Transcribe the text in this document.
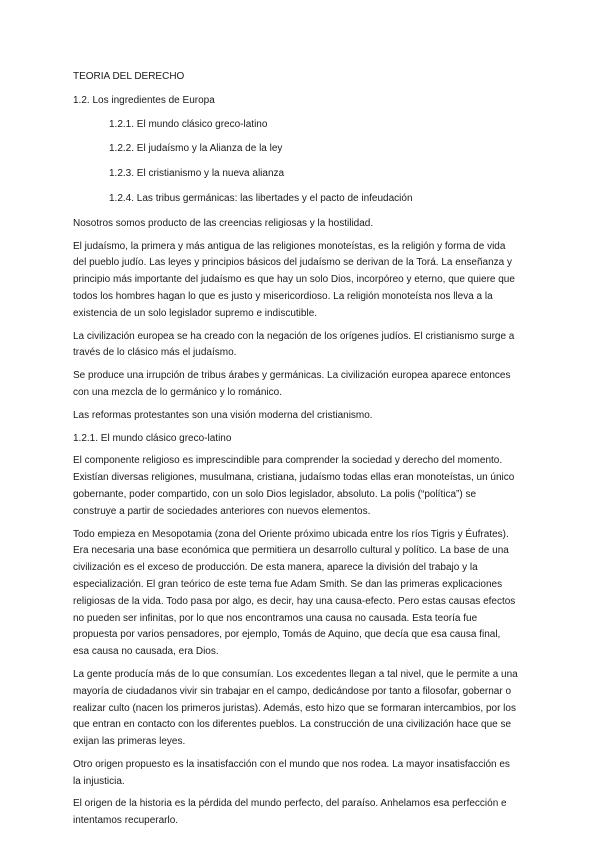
TEORIA DEL DERECHO
1.2. Los ingredientes de Europa
1.2.1. El mundo clásico greco-latino
1.2.2. El judaísmo y la Alianza de la ley
1.2.3. El cristianismo y la nueva alianza
1.2.4. Las tribus germánicas: las libertades y el pacto de infeudación

Nosotros somos producto de las creencias religiosas y la hostilidad.

El judaísmo, la primera y más antigua de las religiones monoteístas, es la religión y forma de vida del pueblo judío. Las leyes y principios básicos del judaísmo se derivan de la Torá. La enseñanza y principio más importante del judaísmo es que hay un solo Dios, incorpóreo y eterno, que quiere que todos los hombres hagan lo que es justo y misericordioso. La religión monoteísta nos lleva a la existencia de un solo legislador supremo e indiscutible.

La civilización europea se ha creado con la negación de los orígenes judíos. El cristianismo surge a través de lo clásico más el judaísmo.

Se produce una irrupción de tribus árabes y germánicas. La civilización europea aparece entonces con una mezcla de lo germánico y lo románico.

Las reformas protestantes son una visión moderna del cristianismo.

1.2.1. El mundo clásico greco-latino

El componente religioso es imprescindible para comprender la sociedad y derecho del momento. Existían diversas religiones, musulmana, cristiana, judaísmo todas ellas eran monoteístas, un único gobernante, poder compartido, con un solo Dios legislador, absoluto. La polis (“política”) se construye a partir de sociedades anteriores con nuevos elementos.

Todo empieza en Mesopotamia (zona del Oriente próximo ubicada entre los ríos Tigris y Éufrates). Era necesaria una base económica que permitiera un desarrollo cultural y político. La base de una civilización es el exceso de producción. De esta manera, aparece la división del trabajo y la especialización. El gran teórico de este tema fue Adam Smith. Se dan las primeras explicaciones religiosas de la vida. Todo pasa por algo, es decir, hay una causa-efecto. Pero estas causas efectos no pueden ser infinitas, por lo que nos encontramos una causa no causada. Esta teoría fue propuesta por varios pensadores, por ejemplo, Tomás de Aquino, que decía que esa causa final, esa causa no causada, era Dios.

La gente producía más de lo que consumían. Los excedentes llegan a tal nivel, que le permite a una mayoría de ciudadanos vivir sin trabajar en el campo, dedicándose por tanto a filosofar, gobernar o realizar culto (nacen los primeros juristas). Además, esto hizo que se formaran intercambios, por los que entran en contacto con los diferentes pueblos. La construcción de una civilización hace que se exijan las primeras leyes.

Otro origen propuesto es la insatisfacción con el mundo que nos rodea. La mayor insatisfacción es la injusticia.

El origen de la historia es la pérdida del mundo perfecto, del paraíso. Anhelamos esa perfección e intentamos recuperarlo.
